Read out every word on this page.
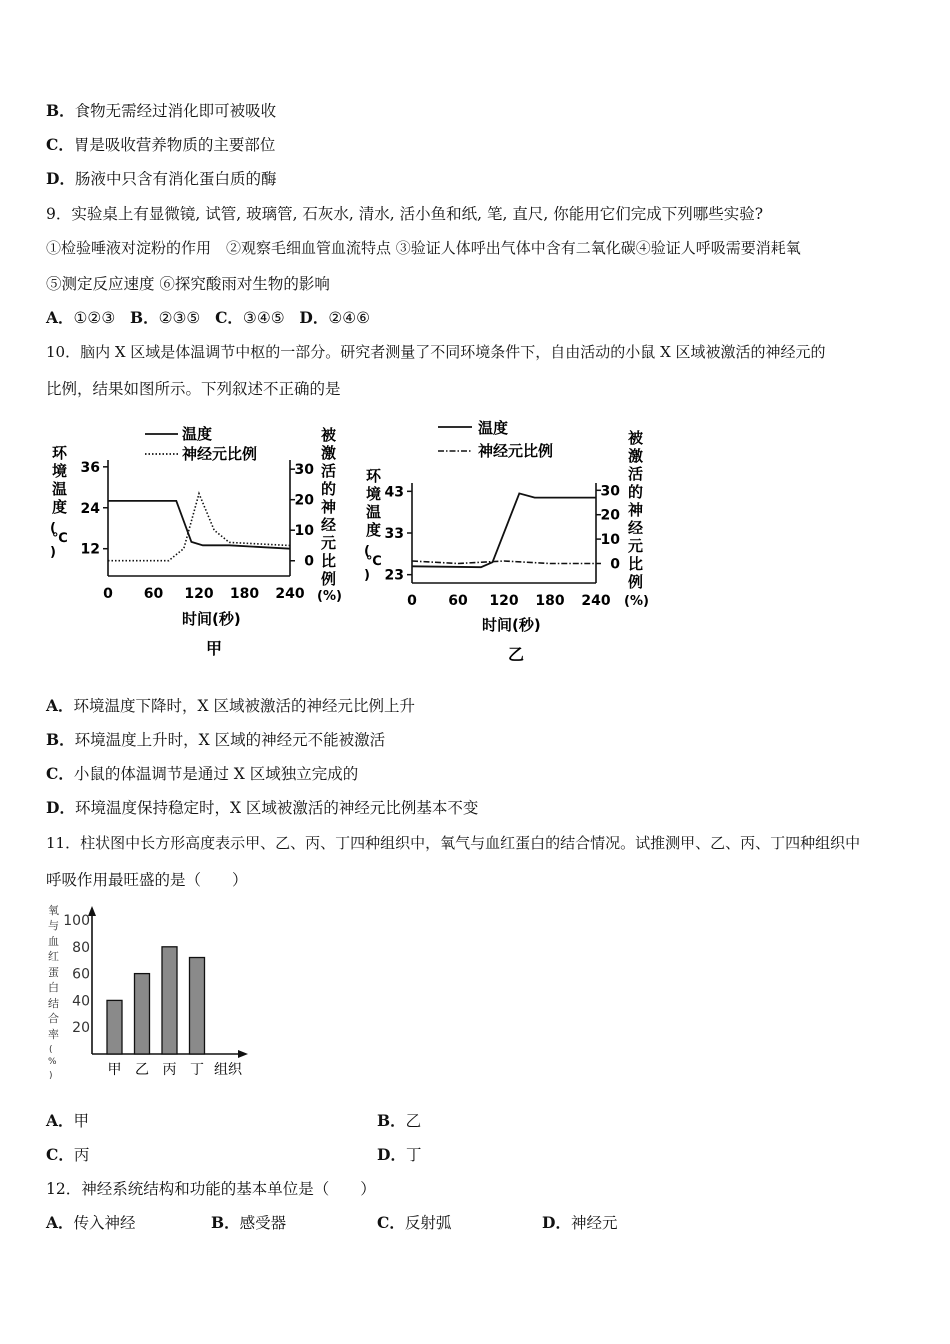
B．食物无需经过消化即可被吸收
C．胃是吸收营养物质的主要部位
D．肠液中只含有消化蛋白质的酶
9．实验桌上有显微镜, 试管, 玻璃管, 石灰水, 清水, 活小鱼和纸, 笔, 直尺, 你能用它们完成下列哪些实验?
①检验唾液对淀粉的作用　②观察毛细血管血流特点 ③验证人体呼出气体中含有二氧化碳④验证人呼吸需要消耗氧
⑤测定反应速度 ⑥探究酸雨对生物的影响
A．①②③ B．②③⑤ C．③④⑤ D．②④⑥
10．脑内 X 区域是体温调节中枢的一部分。研究者测量了不同环境条件下，自由活动的小鼠 X 区域被激活的神经元的
比例，结果如图所示。下列叙述不正确的是
温度
神经元比例
环
境
温
度
(
℃
)
被
激
活
的
神
经
元
比
例
(%)
时间(秒)
甲
0 60 120 180 240
12
24
36
0
10
20
30
温度
神经元比例
环
境
温
度
(
℃
)
被
激
活
的
神
经
元
比
例
(%)
时间(秒)
乙
0 60 120 180 240
23
33
43
0
10
20
30
A．环境温度下降时，X 区域被激活的神经元比例上升
B．环境温度上升时，X 区域的神经元不能被激活
C．小鼠的体温调节是通过 X 区域独立完成的
D．环境温度保持稳定时，X 区域被激活的神经元比例基本不变
11．柱状图中长方形高度表示甲、乙、丙、丁四种组织中，氧气与血红蛋白的结合情况。试推测甲、乙、丙、丁四种组织中
呼吸作用最旺盛的是（　　）
氧
与
血
红
蛋
白
结
合
率
(
%
)	组织
20
40
60
80
100
甲 乙 丙 丁
A．甲	B．乙
C．丙	D．丁
12．神经系统结构和功能的基本单位是（　　）
A．传入神经	B．感受器	C．反射弧	D．神经元
